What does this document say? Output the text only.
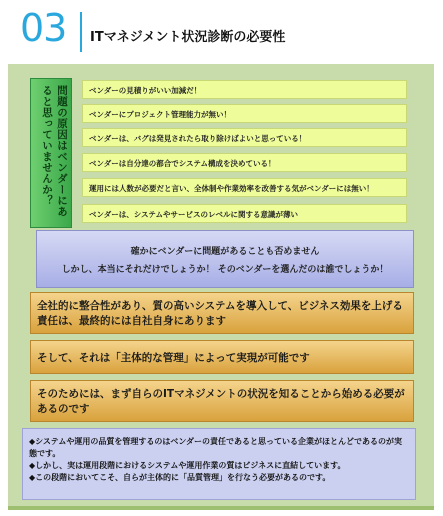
03 ITマネジメント状況診断の必要性
問題の原因はベンダーにあると思っていませんか？	ベンダーの見積りがいい加減だ！
ベンダーにプロジェクト管理能力が無い！
ベンダーは、バグは発見されたら取り除けばよいと思っている！
ベンダーは自分達の都合でシステム構成を決めている！
運用には人数が必要だと言い、全体制や作業効率を改善する気がベンダーには無い！
ベンダーは、システムやサービスのレベルに関する意識が薄い

確かにベンダーに問題があることも否めません

しかし、本当にそれだけでしょうか！ そのベンダーを選んだのは誰でしょうか！

全社的に整合性があり、質の高いシステムを導入して、ビジネス効果を上げる責任は、最終的には自社自身にあります
そして、それは「主体的な管理」によって実現が可能です
そのためには、まず自らのITマネジメントの状況を知ることから始める必要があるのです
◆システムや運用の品質を管理するのはベンダーの責任であると思っている企業がほとんどであるのが実態です。
◆しかし、実は運用段階におけるシステムや運用作業の質はビジネスに直結しています。
◆この段階においてこそ、自らが主体的に「品質管理」を行なう必要があるのです。
